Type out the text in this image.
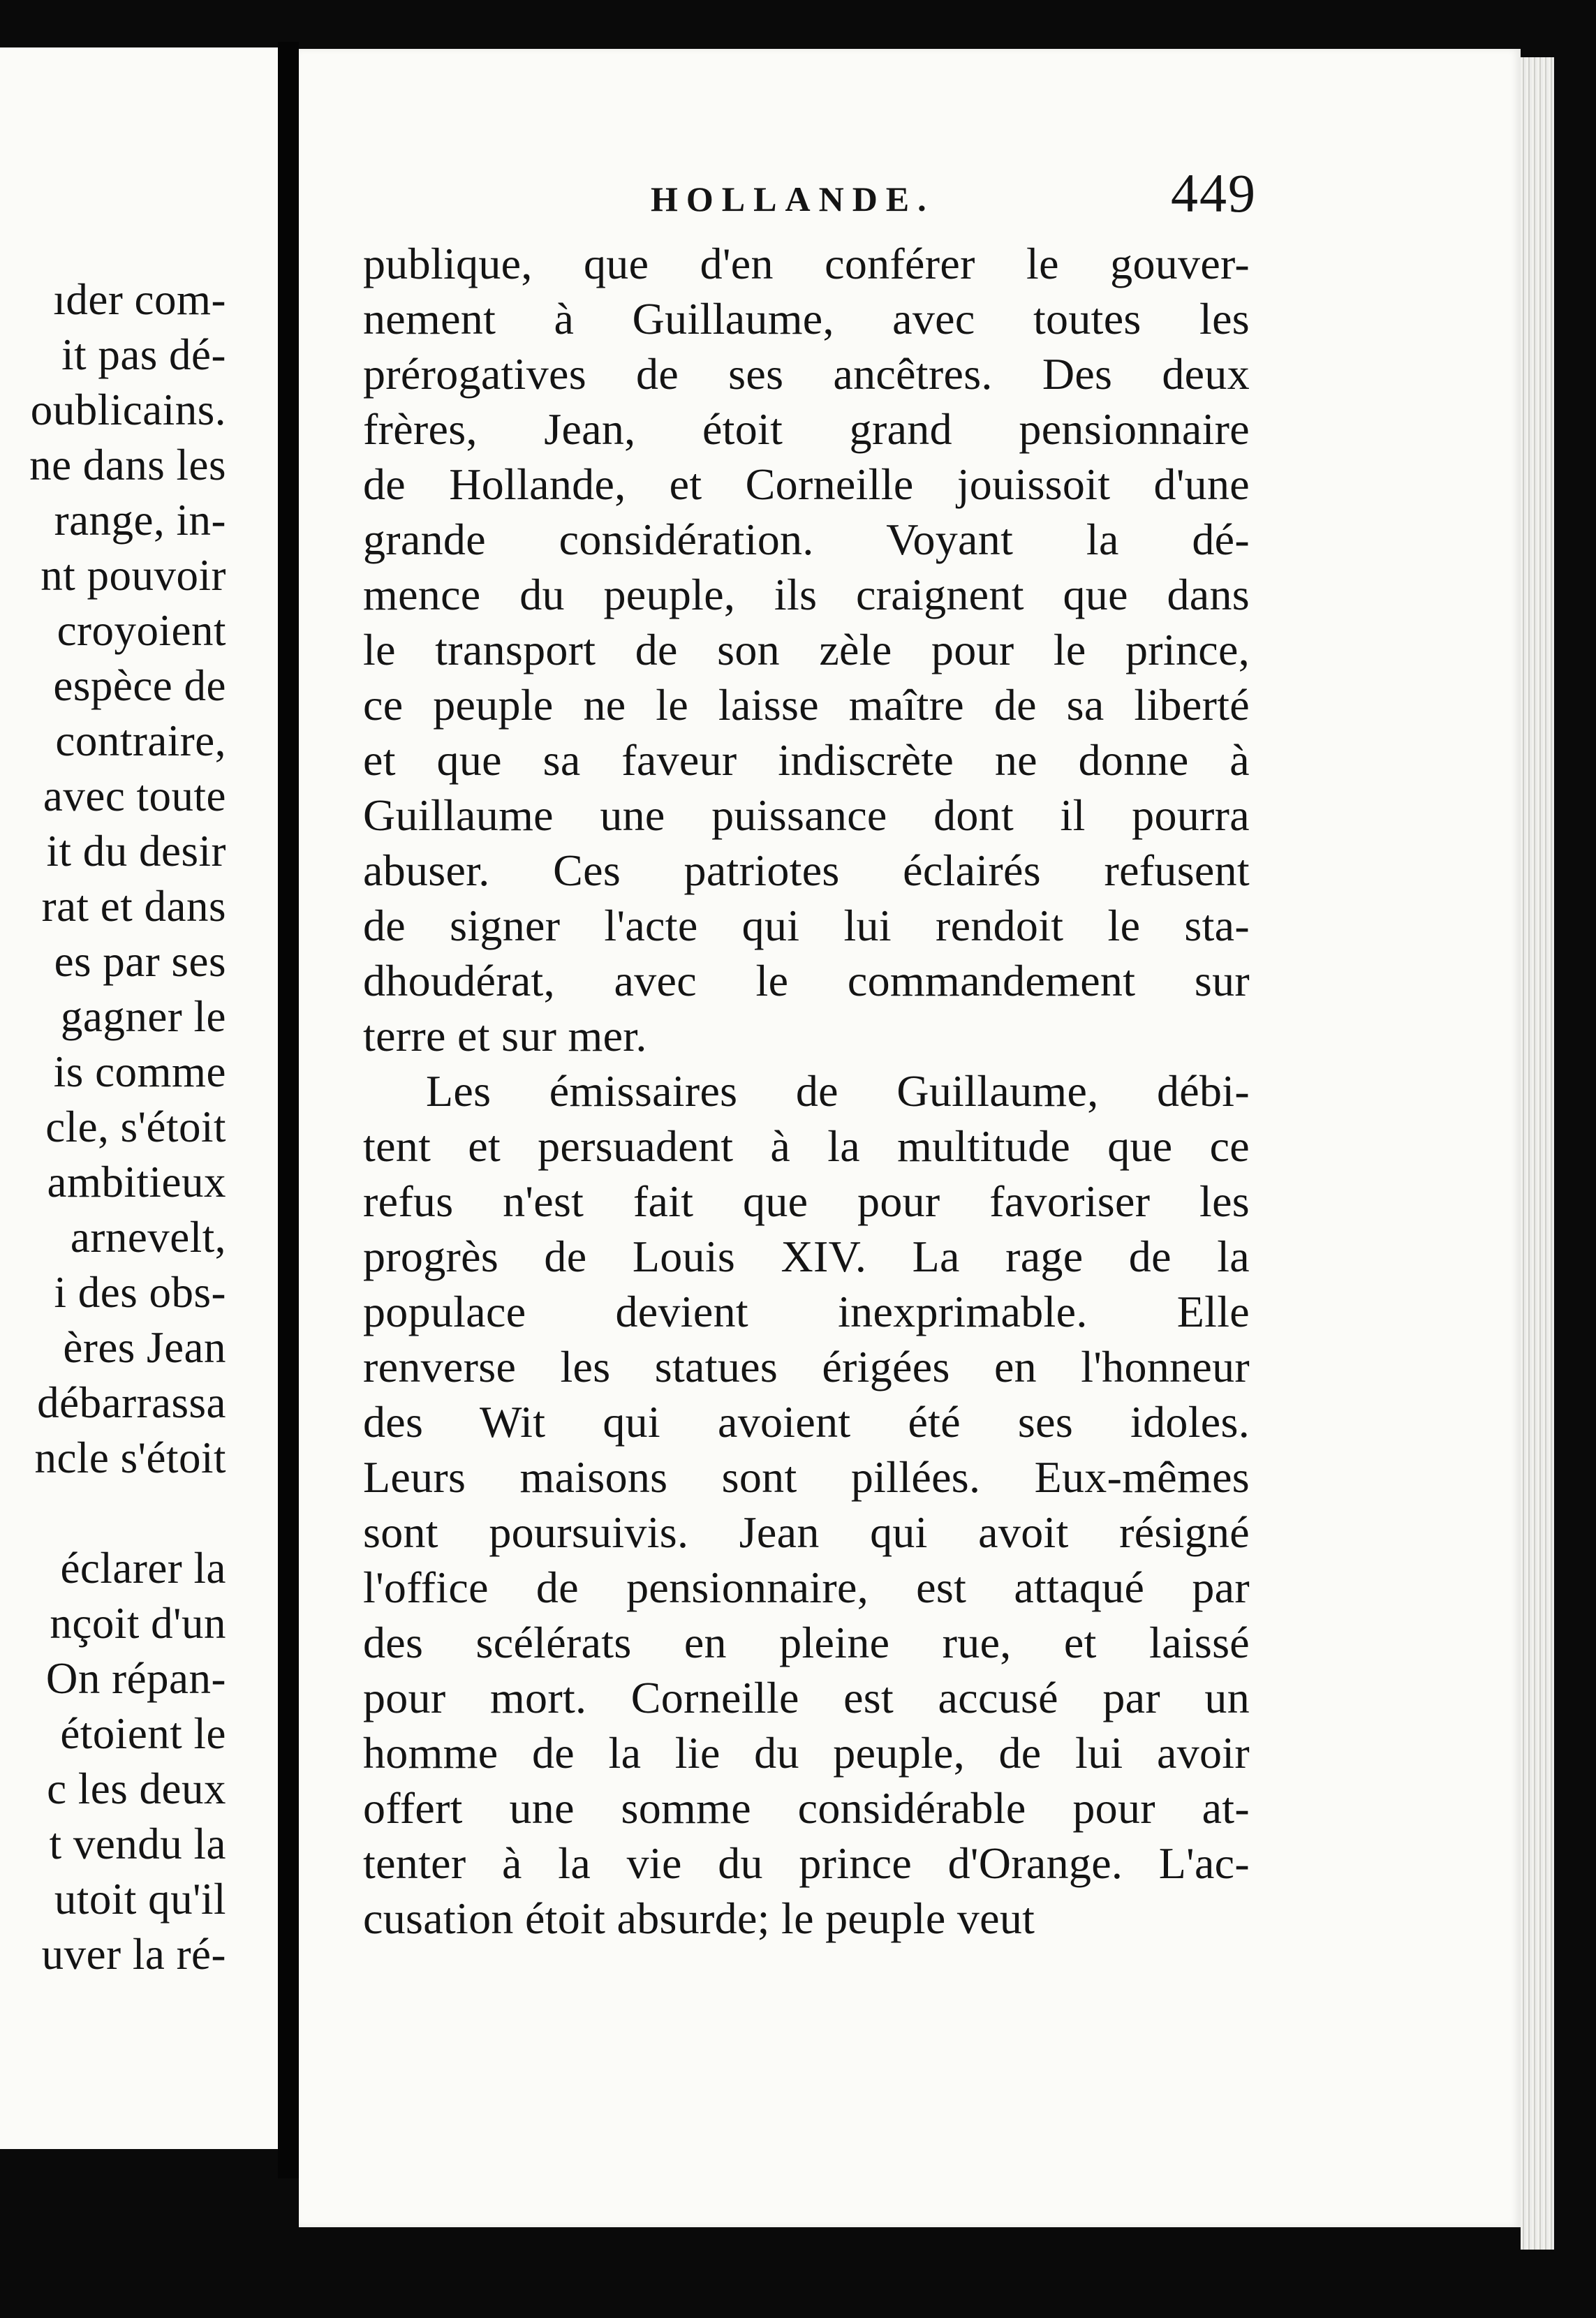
ıder com-
it pas dé-
oublicains.
ne dans les
range, in-
nt pouvoir
croyoient
espèce de
contraire,
avec toute
it du desir
rat et dans
es par ses
gagner le
is comme
cle, s'étoit
ambitieux
arnevelt,
i des obs-
ères Jean
débarrassa
ncle s'étoit
éclarer la
nçoit d'un
On répan-
étoient le
c les deux
t vendu la
utoit qu'il
uver la ré-
HOLLANDE.	449
publique, que d'en conférer le gouver-
nement à Guillaume, avec toutes les
prérogatives de ses ancêtres. Des deux
frères, Jean, étoit grand pensionnaire
de Hollande, et Corneille jouissoit d'une
grande considération. Voyant la dé-
mence du peuple, ils craignent que dans
le transport de son zèle pour le prince,
ce peuple ne le laisse maître de sa liberté
et que sa faveur indiscrète ne donne à
Guillaume une puissance dont il pourra
abuser. Ces patriotes éclairés refusent
de signer l'acte qui lui rendoit le sta-
dhoudérat, avec le commandement sur
terre et sur mer.
Les émissaires de Guillaume, débi-
tent et persuadent à la multitude que ce
refus n'est fait que pour favoriser les
progrès de Louis XIV. La rage de la
populace devient inexprimable. Elle
renverse les statues érigées en l'honneur
des Wit qui avoient été ses idoles.
Leurs maisons sont pillées. Eux-mêmes
sont poursuivis. Jean qui avoit résigné
l'office de pensionnaire, est attaqué par
des scélérats en pleine rue, et laissé
pour mort. Corneille est accusé par un
homme de la lie du peuple, de lui avoir
offert une somme considérable pour at-
tenter à la vie du prince d'Orange. L'ac-
cusation étoit absurde; le peuple veut
